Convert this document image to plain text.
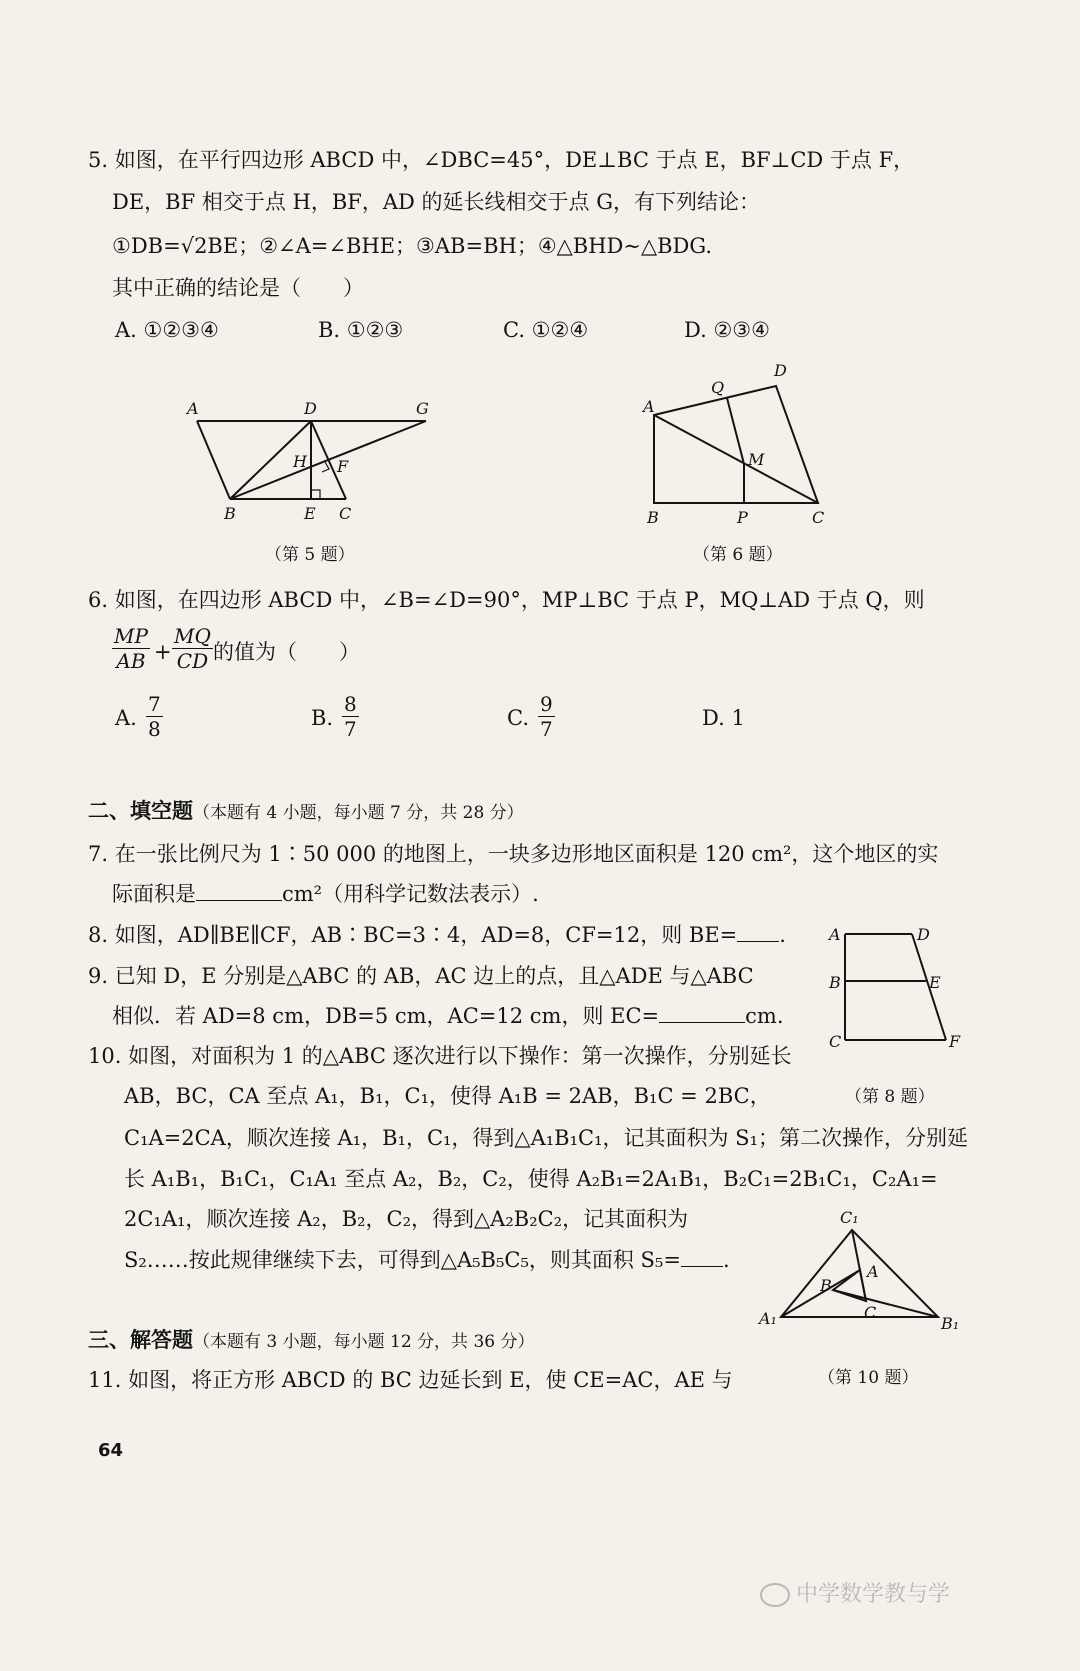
5. 如图，在平行四边形 ABCD 中，∠DBC=45°，DE⊥BC 于点 E，BF⊥CD 于点 F，
DE，BF 相交于点 H，BF，AD 的延长线相交于点 G，有下列结论：
①DB=√2BE；②∠A=∠BHE；③AB=BH；④△BHD∼△BDG.
其中正确的结论是（　　）
A. ①②③④	B. ①②③	C. ①②④	D. ②③④
A	D	G
H F
B	E C
A
Q
D
M
B	P	C
A	D
B	E
C	F
C₁
A
B
C
A₁	B₁
（第 5 题）	（第 6 题）
6. 如图，在四边形 ABCD 中，∠B=∠D=90°，MP⊥BC 于点 P，MQ⊥AD 于点 Q，则
$\frac{MP}{AB} + \frac{MQ}{CD}$ 的值为（　　）
A. $\frac{7}{8}$	B. $\frac{8}{7}$	C. $\frac{9}{7}$	D. 1
二、填空题（本题有 4 小题，每小题 7 分，共 28 分）
7. 在一张比例尺为 1∶50 000 的地图上，一块多边形地区面积是 120 cm²，这个地区的实
际面积是	cm²（用科学记数法表示）.
8. 如图，AD∥BE∥CF，AB∶BC=3∶4，AD=8，CF=12，则 BE= .
9. 已知 D，E 分别是△ABC 的 AB，AC 边上的点，且△ADE 与△ABC
相似．若 AD=8 cm，DB=5 cm，AC=12 cm，则 EC=	cm.
10. 如图，对面积为 1 的△ABC 逐次进行以下操作：第一次操作，分别延长
AB，BC，CA 至点 A₁，B₁，C₁，使得 A₁B = 2AB，B₁C = 2BC，	（第 8 题）
C₁A=2CA，顺次连接 A₁，B₁，C₁，得到△A₁B₁C₁，记其面积为 S₁；第二次操作，分别延
长 A₁B₁，B₁C₁，C₁A₁ 至点 A₂，B₂，C₂，使得 A₂B₁=2A₁B₁，B₂C₁=2B₁C₁，C₂A₁=
2C₁A₁，顺次连接 A₂，B₂，C₂，得到△A₂B₂C₂，记其面积为
S₂……按此规律继续下去，可得到△A₅B₅C₅，则其面积 S₅= .
三、解答题（本题有 3 小题，每小题 12 分，共 36 分）
11. 如图，将正方形 ABCD 的 BC 边延长到 E，使 CE=AC，AE 与	（第 10 题）
64
中学数学教与学
